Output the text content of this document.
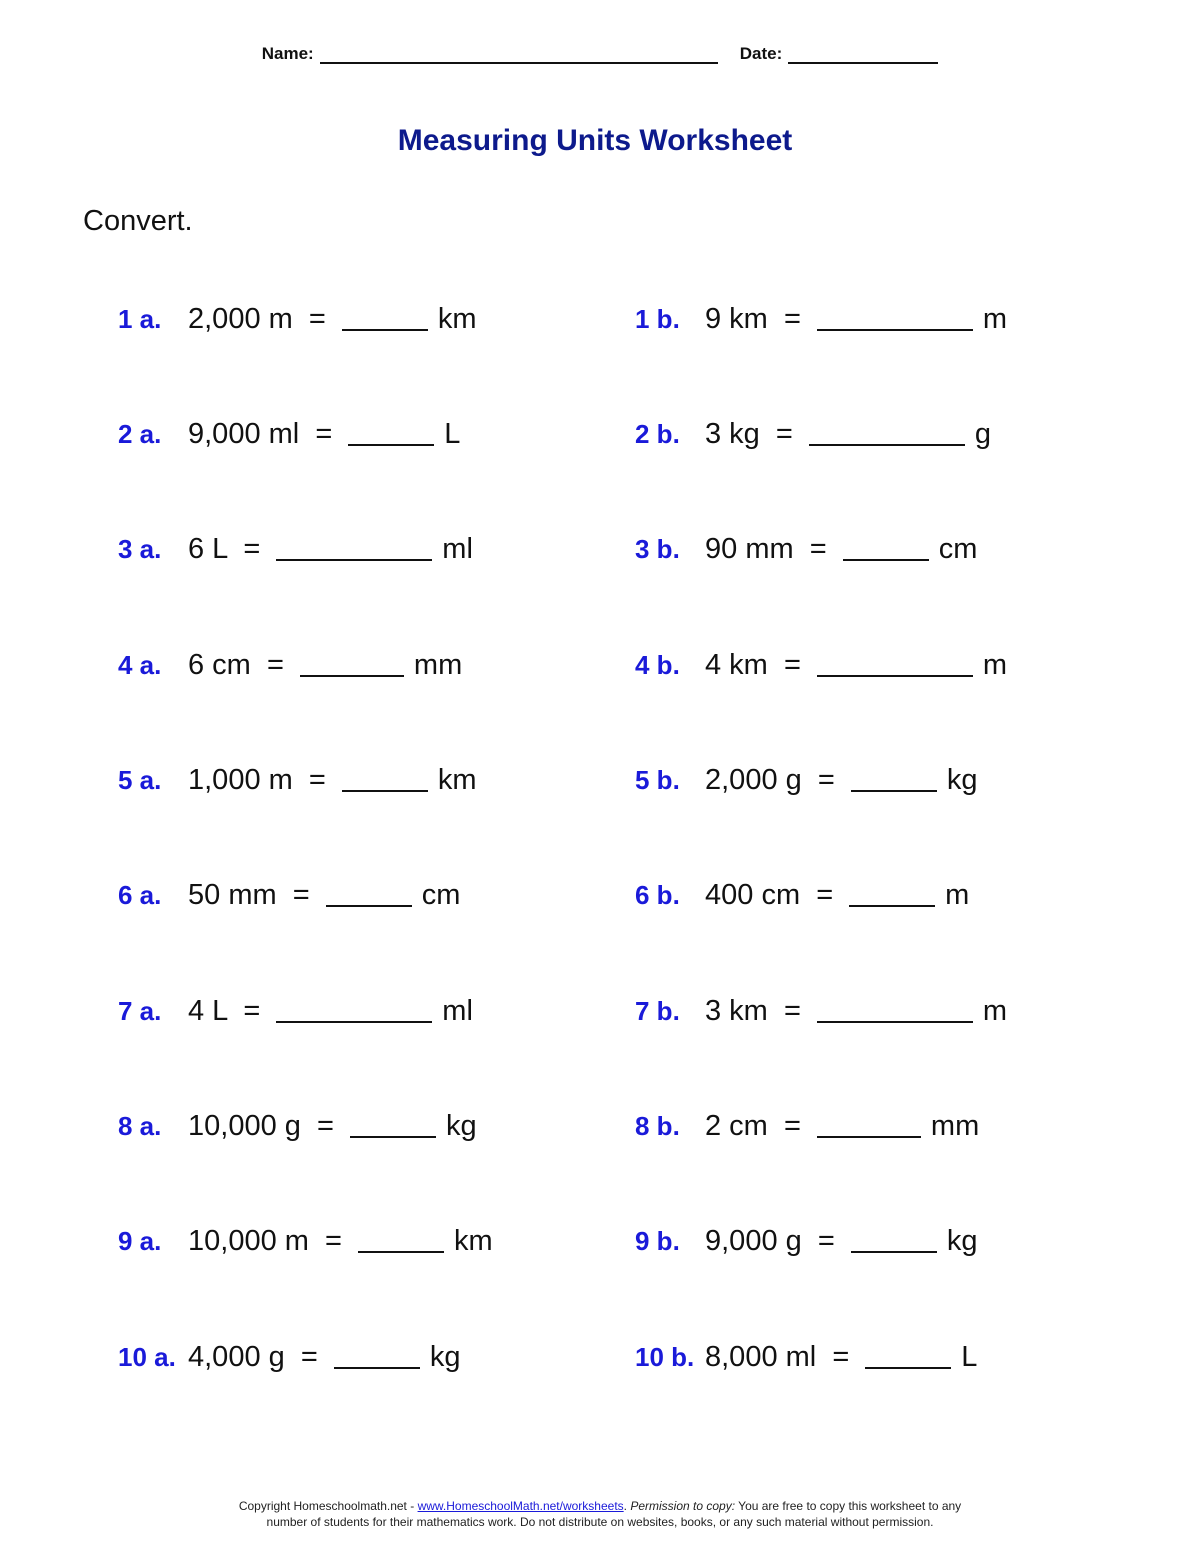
Name:	Date:
Measuring Units Worksheet
Convert.
1 a. 2,000 m  =	km
2 a. 9,000 ml  =	L
3 a. 6 L  =	ml
4 a. 6 cm  =	mm
5 a. 1,000 m  =	km
6 a. 50 mm  =	cm
7 a. 4 L  =	ml
8 a. 10,000 g  =	kg
9 a. 10,000 m  =	km
10 a. 4,000 g  =	kg
1 b. 9 km  =	m
2 b. 3 kg  =	g
3 b. 90 mm  =	cm
4 b. 4 km  =	m
5 b. 2,000 g  =	kg
6 b. 400 cm  =	m
7 b. 3 km  =	m
8 b. 2 cm  =	mm
9 b. 9,000 g  =	kg
10 b. 8,000 ml  =	L
Copyright Homeschoolmath.net - www.HomeschoolMath.net/worksheets. Permission to copy: You are free to copy this worksheet to any
number of students for their mathematics work. Do not distribute on websites, books, or any such material without permission.
